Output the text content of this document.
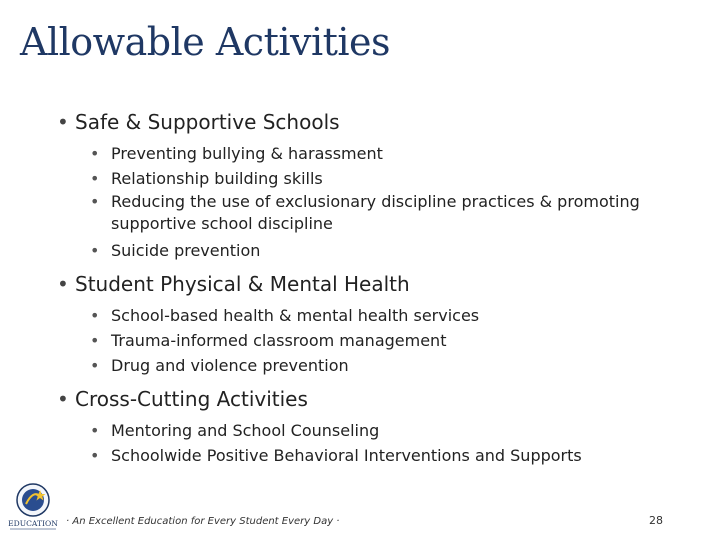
Allowable Activities

• Safe & Supportive Schools

• Preventing bullying & harassment
• Relationship building skills
• Reducing the use of exclusionary discipline practices & promoting supportive school discipline
• Suicide prevention

• Student Physical & Mental Health

• School-based health & mental health services
• Trauma-informed classroom management
• Drug and violence prevention

• Cross-Cutting Activities

• Mentoring and School Counseling
• Schoolwide Positive Behavioral Interventions and Supports
EDUCATION · An Excellent Education for Every Student Every Day ·	28
